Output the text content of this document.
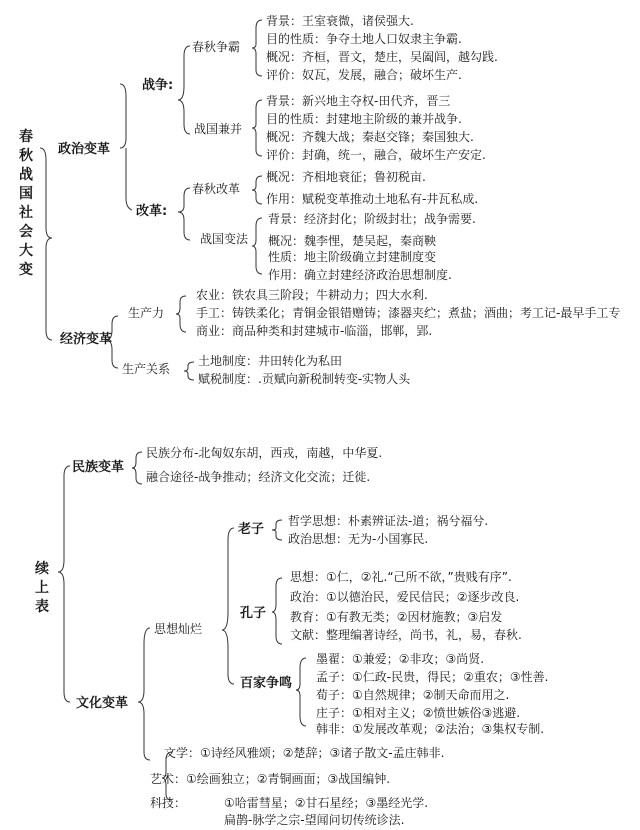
春
秋
战
国
社
会
大
变
政治变革
战争:
春秋争霸
背景：王室衰微，诸侯强大.
目的性质：争夺土地人口奴隶主争霸.
概况：齐桓，晋文，楚庄，吴阖闾，越勾践.
评价：奴瓦，发展，融合；破坏生产.
战国兼并
背景：新兴地主夺权-田代齐，晋三
目的性质：封建地主阶级的兼并战争.
概况：齐魏大战；秦赵交锋；秦国独大.
评价：封确，统一，融合，破坏生产安定.
改革:
春秋改革
概况：齐相地衰征；鲁初税亩.
作用：赋税变革推动土地私有-井瓦私成.
战国变法
背景：经济封化；阶级封壮；战争需要.
概况：魏李悝，楚吴起，秦商鞅
性质：地主阶级确立封建制度变
作用：确立封建经济政治思想制度.
经济变革
生产力
农业：铁农具三阶段；牛耕动力；四大水利.
手工：铸铁柔化；青铜金银错赠铸；漆器夹纻；煮盐；酒曲；考工记-最早手工专
商业：商品种类和封建城市-临淄，邯郸，郢.
生产关系
土地制度：井田转化为私田
赋税制度：.贡赋向新税制转变-实物人头
续
上
表
民族变革
民族分布-北匈奴东胡，西戎，南越，中华夏.
融合途径-战争推动；经济文化交流；迁徙.
文化变革
思想灿烂
老子
哲学思想：朴素辨证法-道；祸兮福兮.
政治思想：无为-小国寡民.
孔子
思想：①仁，②礼.“己所不欲，”贵贱有序”.
政治：①以德治民，爱民信民；②逐步改良.
教育：①有教无类；②因材施教；③启发
文献：整理编著诗经，尚书，礼，易，春秋.
百家争鸣
墨翟：①兼爱；②非攻；③尚贤.
孟子：①仁政-民贵，得民；②重农；③性善.
荀子：①自然规律；②制天命而用之.
庄子：①相对主义；②愤世嫉俗③逃避.
韩非：①发展改革观；②法治；③集权专制.
文学：①诗经风雅颂；②楚辞；③诸子散文-孟庄韩非.
艺术：①绘画独立；②青铜画面；③战国编钟.
科技：	①哈雷彗星；②甘石星经；③墨经光学.
扁鹊-脉学之宗-望闻问切传统诊法.
